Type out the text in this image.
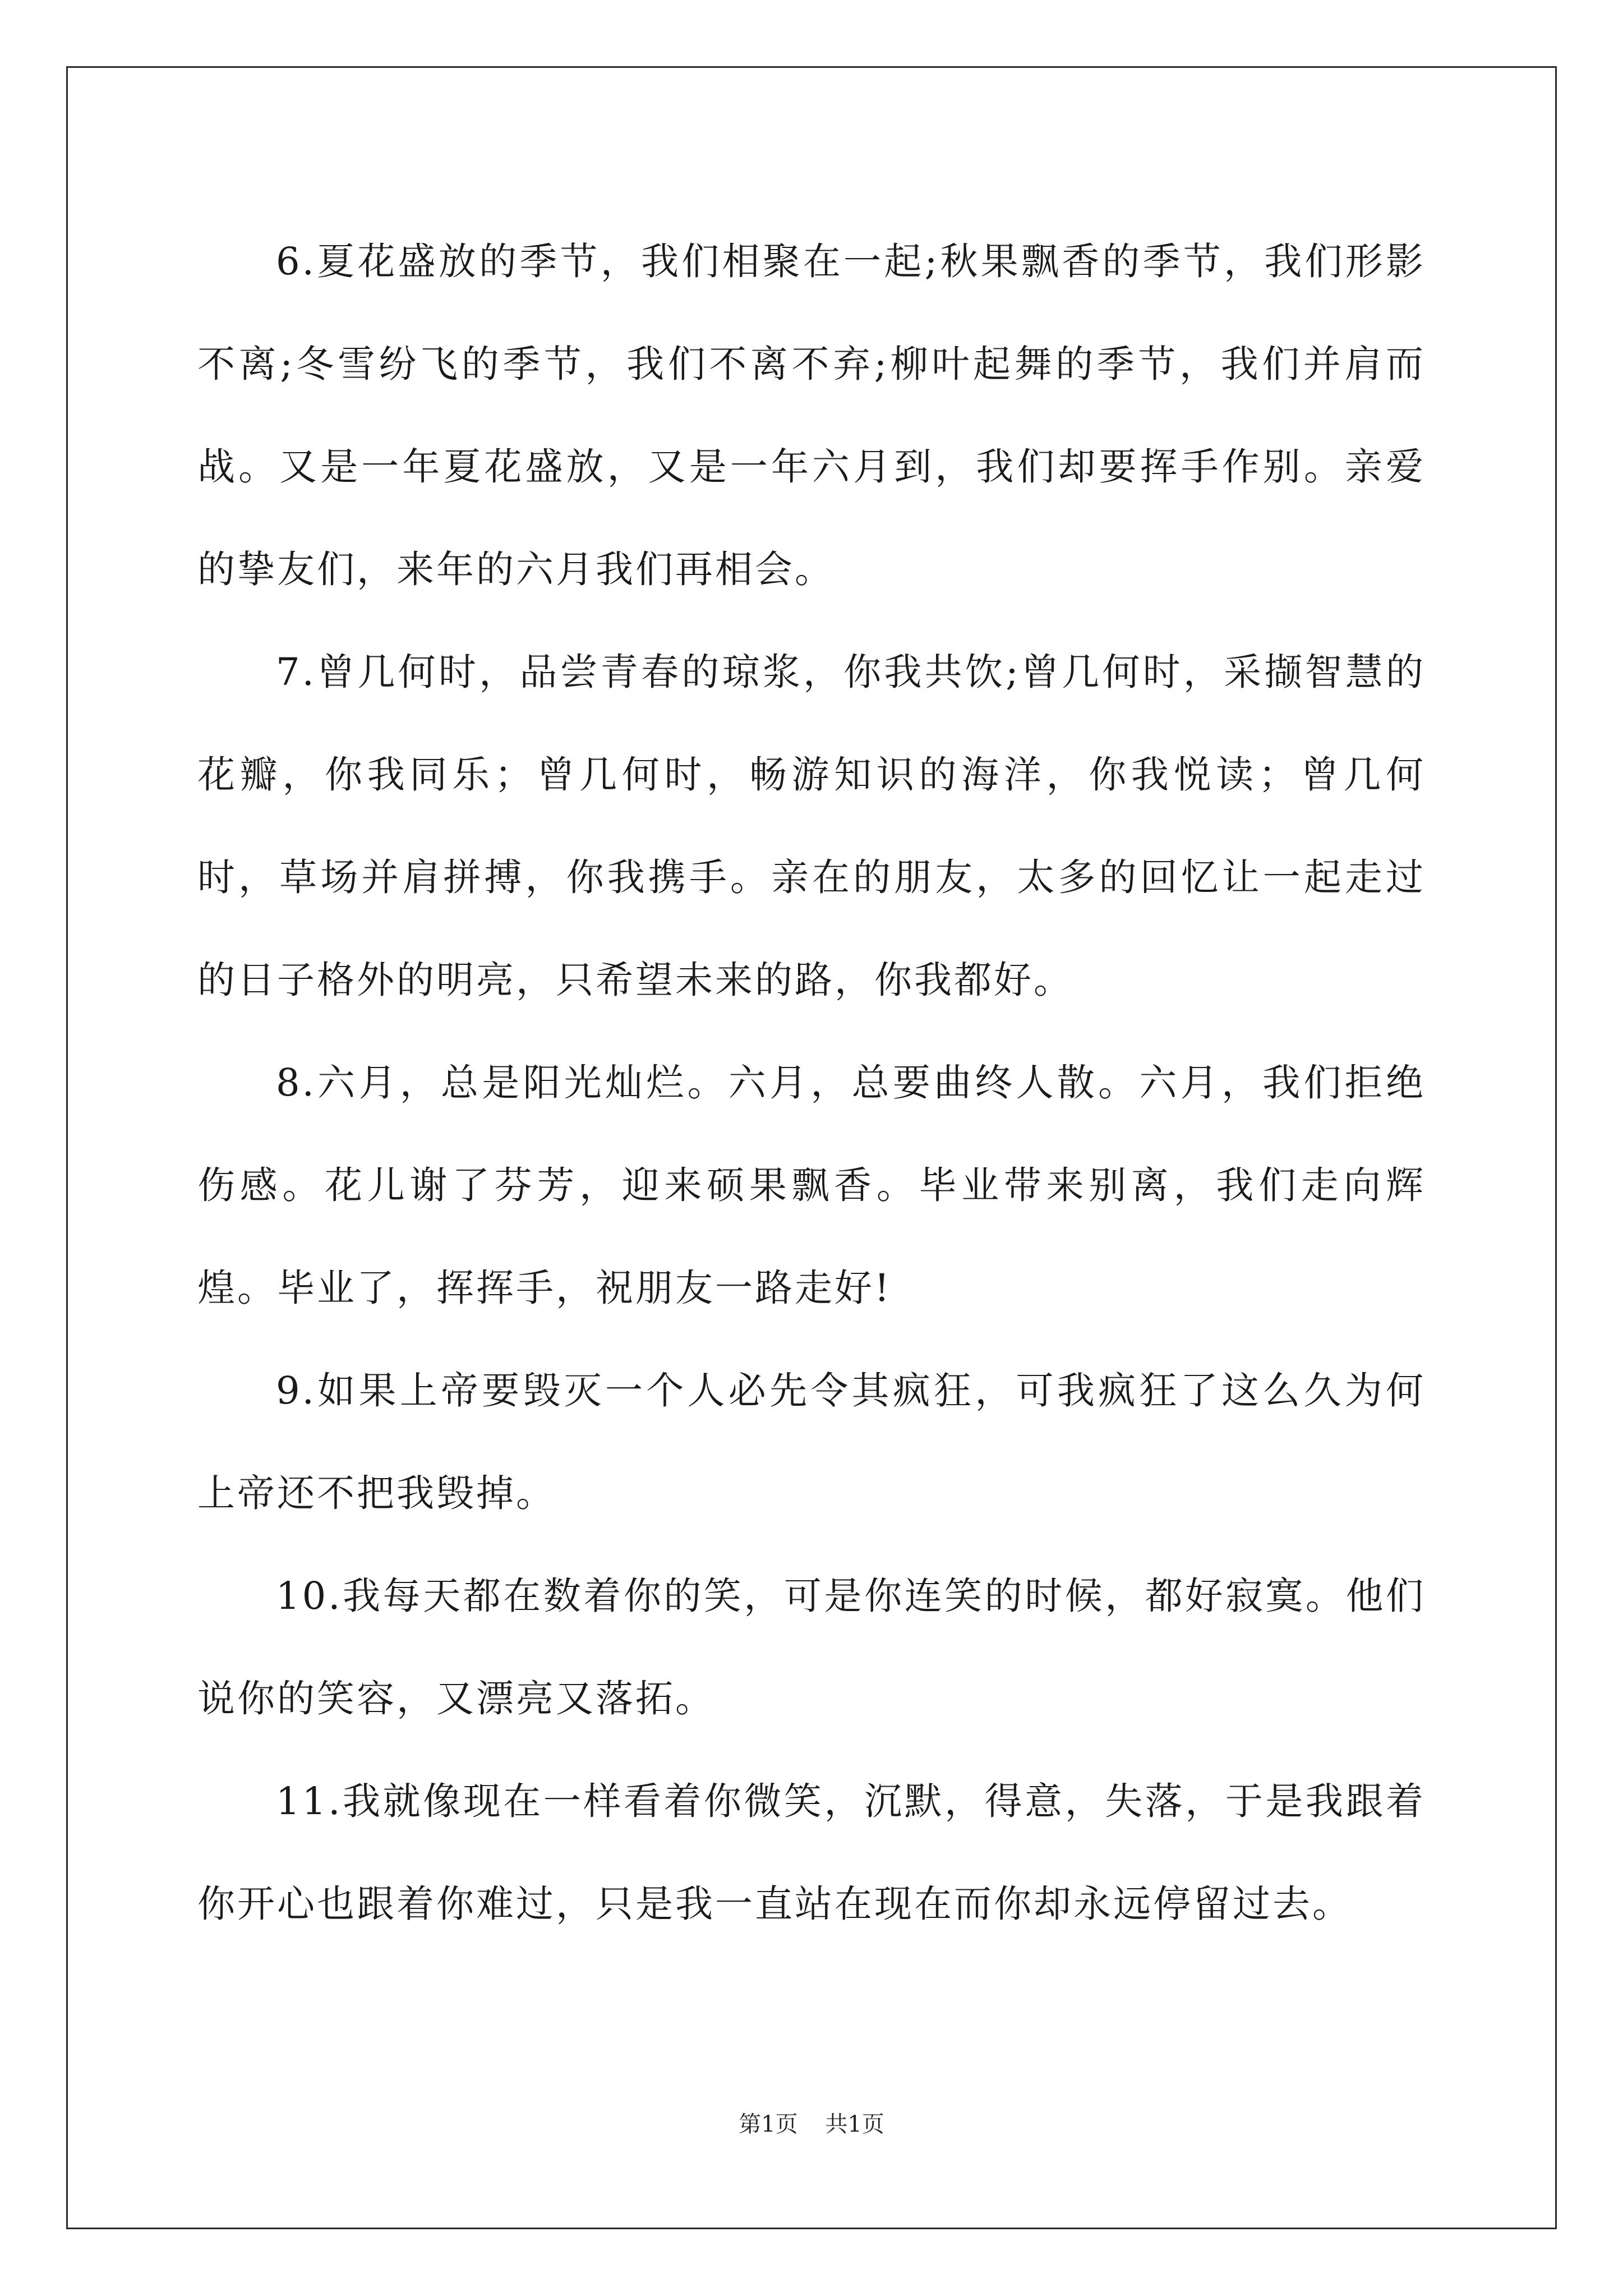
6.夏花盛放的季节，我们相聚在一起;秋果飘香的季节，我们形影不离;冬雪纷飞的季节，我们不离不弃;柳叶起舞的季节，我们并肩而战。又是一年夏花盛放，又是一年六月到，我们却要挥手作别。亲爱的挚友们，来年的六月我们再相会。

7.曾几何时，品尝青春的琼浆，你我共饮;曾几何时，采撷智慧的花瓣，你我同乐；曾几何时，畅游知识的海洋，你我悦读；曾几何时，草场并肩拼搏，你我携手。亲在的朋友，太多的回忆让一起走过的日子格外的明亮，只希望未来的路，你我都好。

8.六月，总是阳光灿烂。六月，总要曲终人散。六月，我们拒绝伤感。花儿谢了芬芳，迎来硕果飘香。毕业带来别离，我们走向辉煌。毕业了，挥挥手，祝朋友一路走好!

9.如果上帝要毁灭一个人必先令其疯狂，可我疯狂了这么久为何上帝还不把我毁掉。

10.我每天都在数着你的笑，可是你连笑的时候，都好寂寞。他们说你的笑容，又漂亮又落拓。

11.我就像现在一样看着你微笑，沉默，得意，失落，于是我跟着你开心也跟着你难过，只是我一直站在现在而你却永远停留过去。

第1页 共1页
